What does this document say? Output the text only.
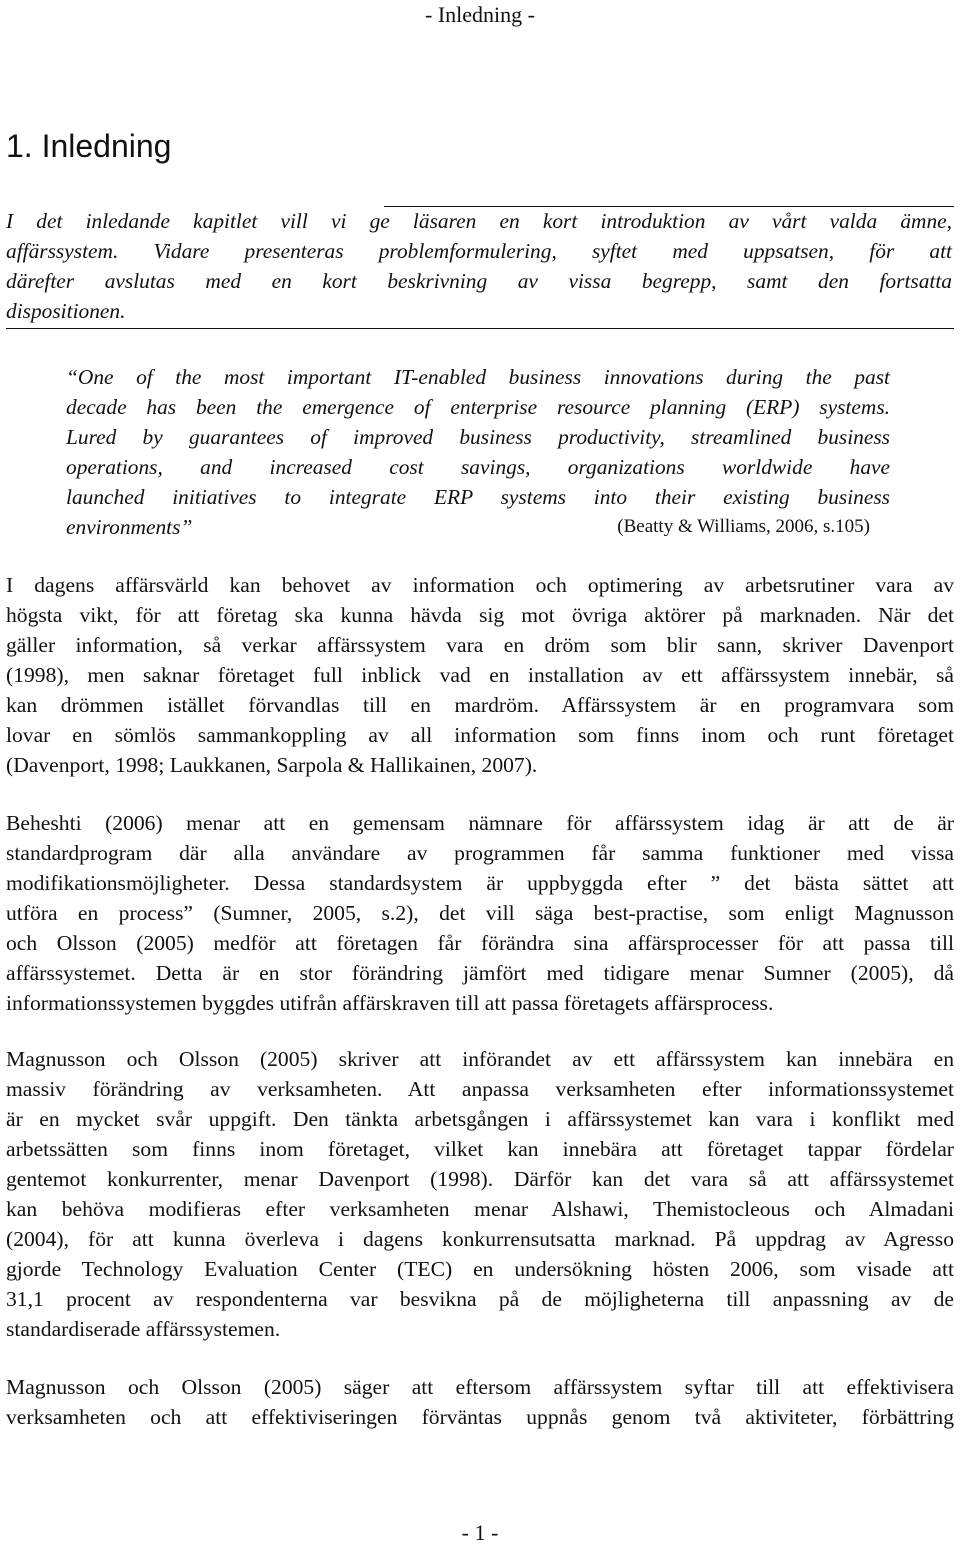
- Inledning -
1. Inledning
I det inledande kapitlet vill vi ge läsaren en kort introduktion av vårt valda ämne,
affärssystem. Vidare presenteras problemformulering, syftet med uppsatsen, för att
därefter avslutas med en kort beskrivning av vissa begrepp, samt den fortsatta
dispositionen.
“One of the most important IT-enabled business innovations during the past
decade has been the emergence of enterprise resource planning (ERP) systems.
Lured by guarantees of improved business productivity, streamlined business
operations, and increased cost savings, organizations worldwide have
launched initiatives to integrate ERP systems into their existing business
environments”	(Beatty & Williams, 2006, s.105)
I dagens affärsvärld kan behovet av information och optimering av arbetsrutiner vara av
högsta vikt, för att företag ska kunna hävda sig mot övriga aktörer på marknaden. När det
gäller information, så verkar affärssystem vara en dröm som blir sann, skriver Davenport
(1998), men saknar företaget full inblick vad en installation av ett affärssystem innebär, så
kan drömmen istället förvandlas till en mardröm. Affärssystem är en programvara som
lovar en sömlös sammankoppling av all information som finns inom och runt företaget
(Davenport, 1998; Laukkanen, Sarpola & Hallikainen, 2007).
Beheshti (2006) menar att en gemensam nämnare för affärssystem idag är att de är
standardprogram där alla användare av programmen får samma funktioner med vissa
modifikationsmöjligheter. Dessa standardsystem är uppbyggda efter ” det bästa sättet att
utföra en process” (Sumner, 2005, s.2), det vill säga best-practise, som enligt Magnusson
och Olsson (2005) medför att företagen får förändra sina affärsprocesser för att passa till
affärssystemet. Detta är en stor förändring jämfört med tidigare menar Sumner (2005), då
informationssystemen byggdes utifrån affärskraven till att passa företagets affärsprocess.
Magnusson och Olsson (2005) skriver att införandet av ett affärssystem kan innebära en
massiv förändring av verksamheten. Att anpassa verksamheten efter informationssystemet
är en mycket svår uppgift. Den tänkta arbetsgången i affärssystemet kan vara i konflikt med
arbetssätten som finns inom företaget, vilket kan innebära att företaget tappar fördelar
gentemot konkurrenter, menar Davenport (1998). Därför kan det vara så att affärssystemet
kan behöva modifieras efter verksamheten menar Alshawi, Themistocleous och Almadani
(2004), för att kunna överleva i dagens konkurrensutsatta marknad. På uppdrag av Agresso
gjorde Technology Evaluation Center (TEC) en undersökning hösten 2006, som visade att
31,1 procent av respondenterna var besvikna på de möjligheterna till anpassning av de
standardiserade affärssystemen.
Magnusson och Olsson (2005) säger att eftersom affärssystem syftar till att effektivisera
verksamheten och att effektiviseringen förväntas uppnås genom två aktiviteter, förbättring
- 1 -
